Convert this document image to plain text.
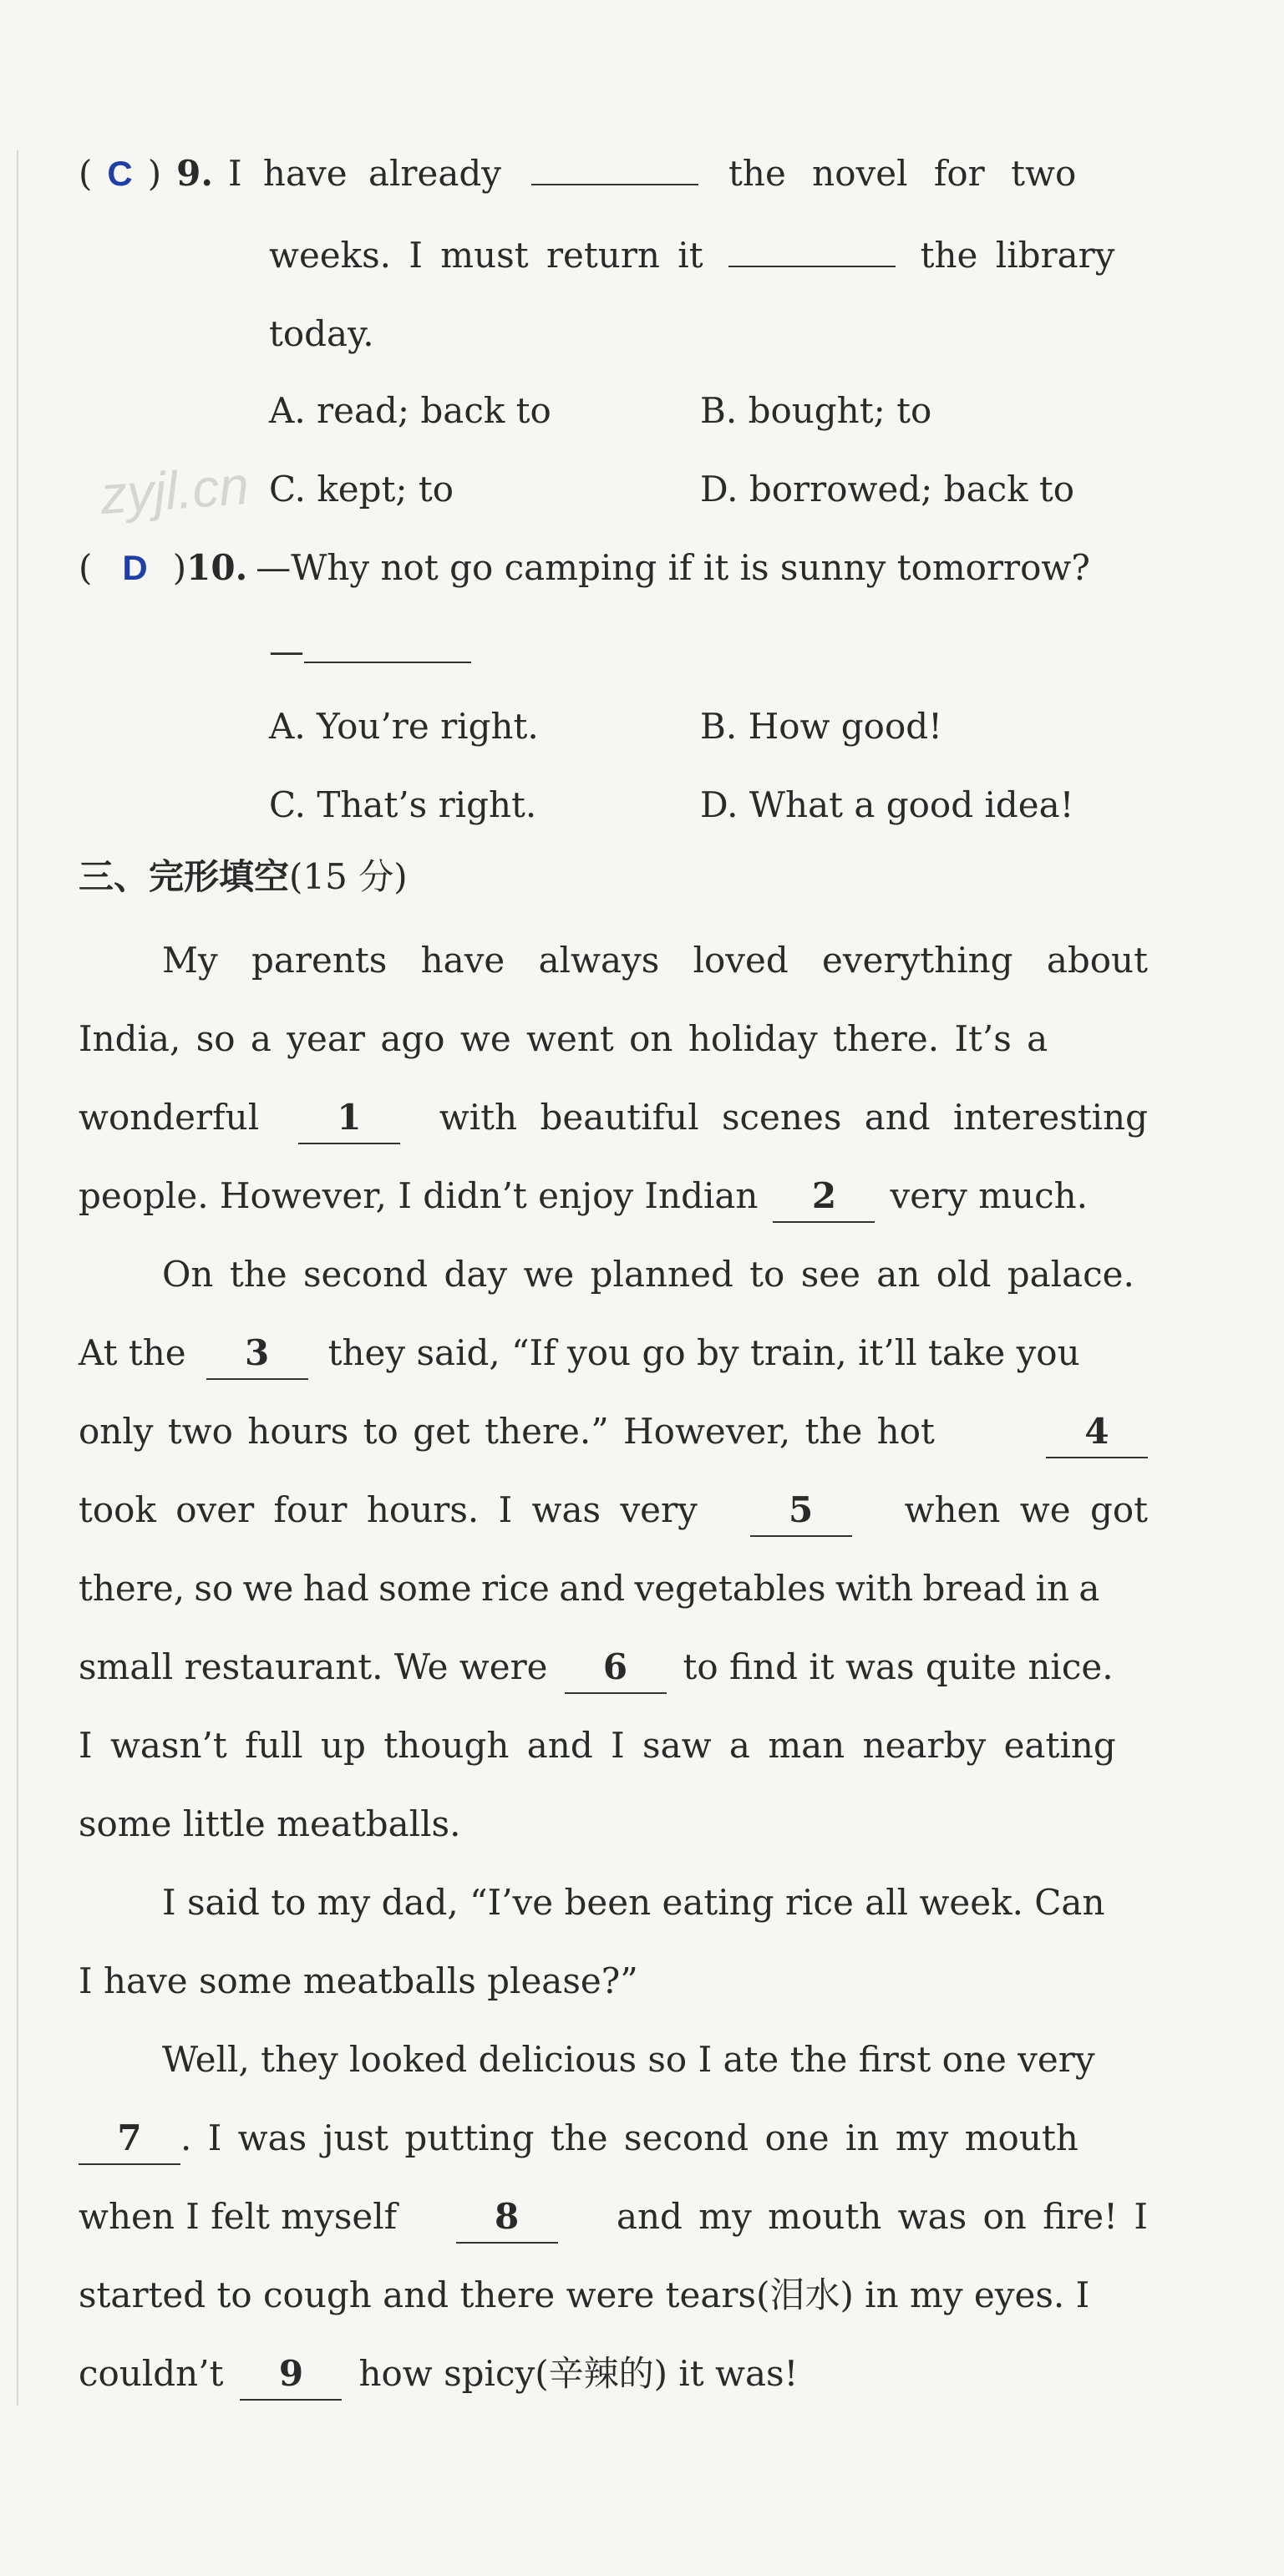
( C ) 9. I have already	the novel for two
weeks. I must return it	the library
today.
A. read; back to	B. bought; to
C. kept; to	D. borrowed; back to
zyjl.cn
( D ) 10. —Why not go camping if it is sunny tomorrow?
—
A. You’re right.	B. How good!
C. That’s right.	D. What a good idea!
三、完形填空(15 分)
My parents have always loved everything about
India, so a year ago we went on holiday there. It’s a
wonderful	1	with beautiful scenes and interesting
people. However, I didn’t enjoy Indian	2	very much.
On the second day we planned to see an old palace.
At the	3	they said, “If you go by train, it’ll take you
only two hours to get there.” However, the hot	4
took over four hours. I was very	5	when we got
there, so we had some rice and vegetables with bread in a
small restaurant. We were	6	to find it was quite nice.
I wasn’t full up though and I saw a man nearby eating
some little meatballs.
I said to my dad, “I’ve been eating rice all week. Can
I have some meatballs please?”
Well, they looked delicious so I ate the first one very
7	. I was just putting the second one in my mouth
when I felt myself	8	and my mouth was on fire! I
started to cough and there were tears(泪水) in my eyes. I
couldn’t	9	how spicy(辛辣的) it was!
